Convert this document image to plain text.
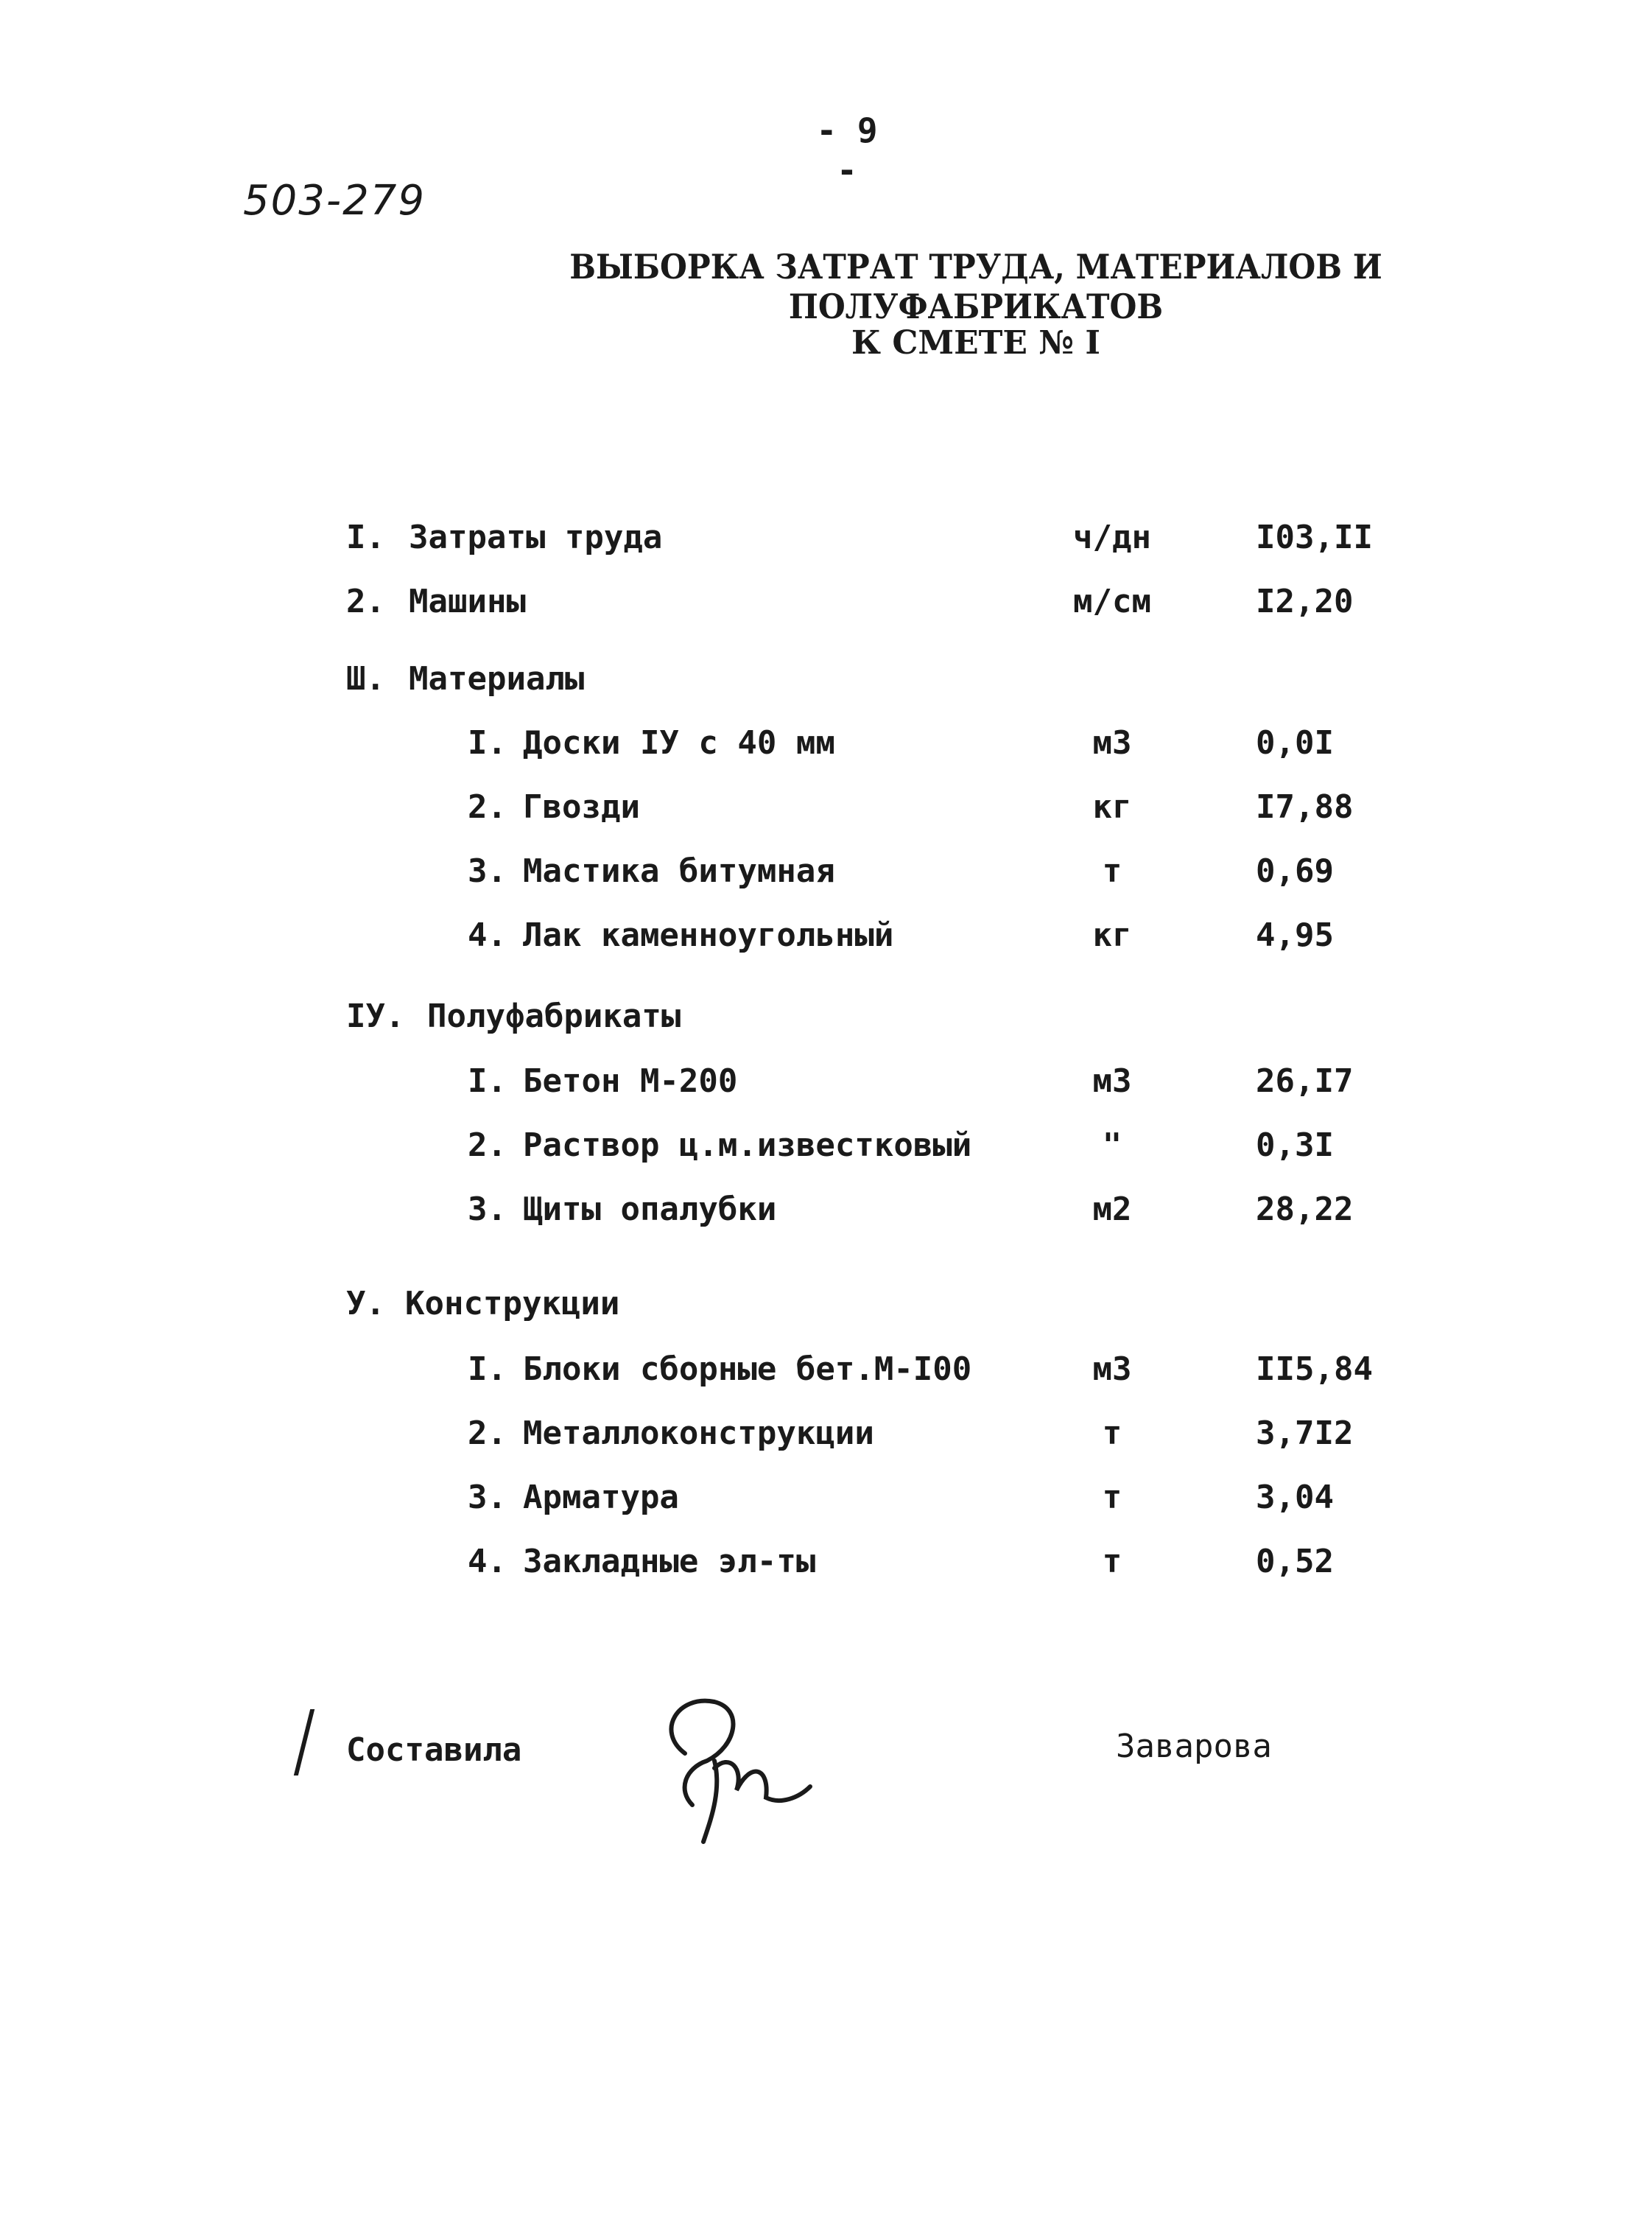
- 9 -
503-279
ВЫБОРКА ЗАТРАТ ТРУДА, МАТЕРИАЛОВ И ПОЛУФАБРИКАТОВ
К СМЕТЕ № I
I. Затраты труда	ч/дн	I03,II
2. Машины	м/см	I2,20
Ш. Материалы
I. Доски IУ с 40 мм	м3	0,0I
2. Гвозди	кг	I7,88
3. Мастика битумная	т	0,69
4. Лак каменноугольный	кг	4,95
IУ. Полуфабрикаты
I. Бетон М-200	м3	26,I7
2. Раствор ц.м.известковый	"	0,3I
3. Щиты опалубки	м2	28,22
У. Конструкции
I. Блоки сборные бет.М-I00	м3	II5,84
2. Металлоконструкции	т	3,7I2
3. Арматура	т	3,04
4. Закладные эл-ты	т	0,52
Составила	Заварова
